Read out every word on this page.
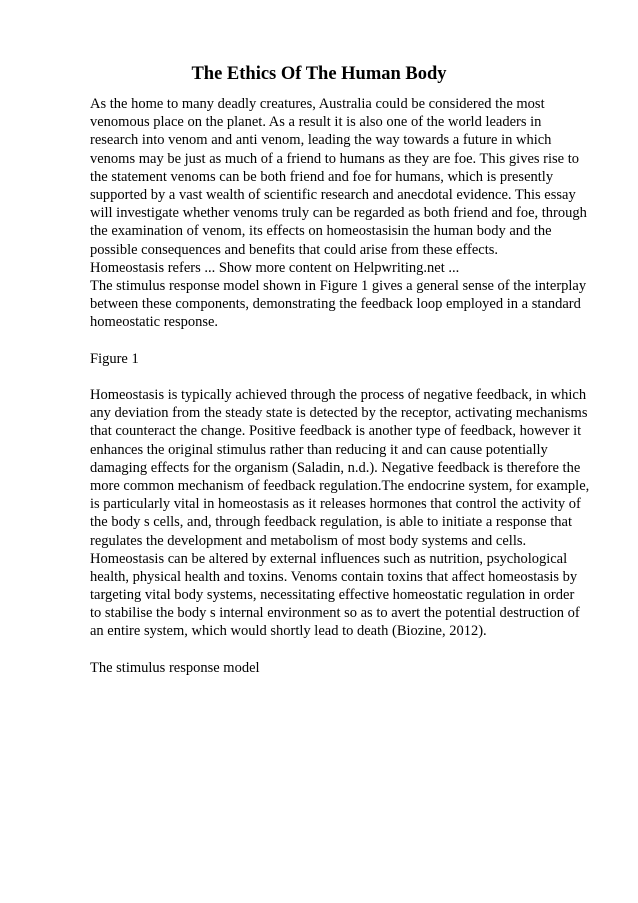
The Ethics Of The Human Body
As the home to many deadly creatures, Australia could be considered the most
venomous place on the planet. As a result it is also one of the world leaders in
research into venom and anti venom, leading the way towards a future in which
venoms may be just as much of a friend to humans as they are foe. This gives rise to
the statement venoms can be both friend and foe for humans, which is presently
supported by a vast wealth of scientific research and anecdotal evidence. This essay
will investigate whether venoms truly can be regarded as both friend and foe, through
the examination of venom, its effects on homeostasisin the human body and the
possible consequences and benefits that could arise from these effects.
Homeostasis refers ... Show more content on Helpwriting.net ...
The stimulus response model shown in Figure 1 gives a general sense of the interplay
between these components, demonstrating the feedback loop employed in a standard
homeostatic response.
Figure 1
Homeostasis is typically achieved through the process of negative feedback, in which
any deviation from the steady state is detected by the receptor, activating mechanisms
that counteract the change. Positive feedback is another type of feedback, however it
enhances the original stimulus rather than reducing it and can cause potentially
damaging effects for the organism (Saladin, n.d.). Negative feedback is therefore the
more common mechanism of feedback regulation.The endocrine system, for example,
is particularly vital in homeostasis as it releases hormones that control the activity of
the body s cells, and, through feedback regulation, is able to initiate a response that
regulates the development and metabolism of most body systems and cells.
Homeostasis can be altered by external influences such as nutrition, psychological
health, physical health and toxins. Venoms contain toxins that affect homeostasis by
targeting vital body systems, necessitating effective homeostatic regulation in order
to stabilise the body s internal environment so as to avert the potential destruction of
an entire system, which would shortly lead to death (Biozine, 2012).
The stimulus response model
